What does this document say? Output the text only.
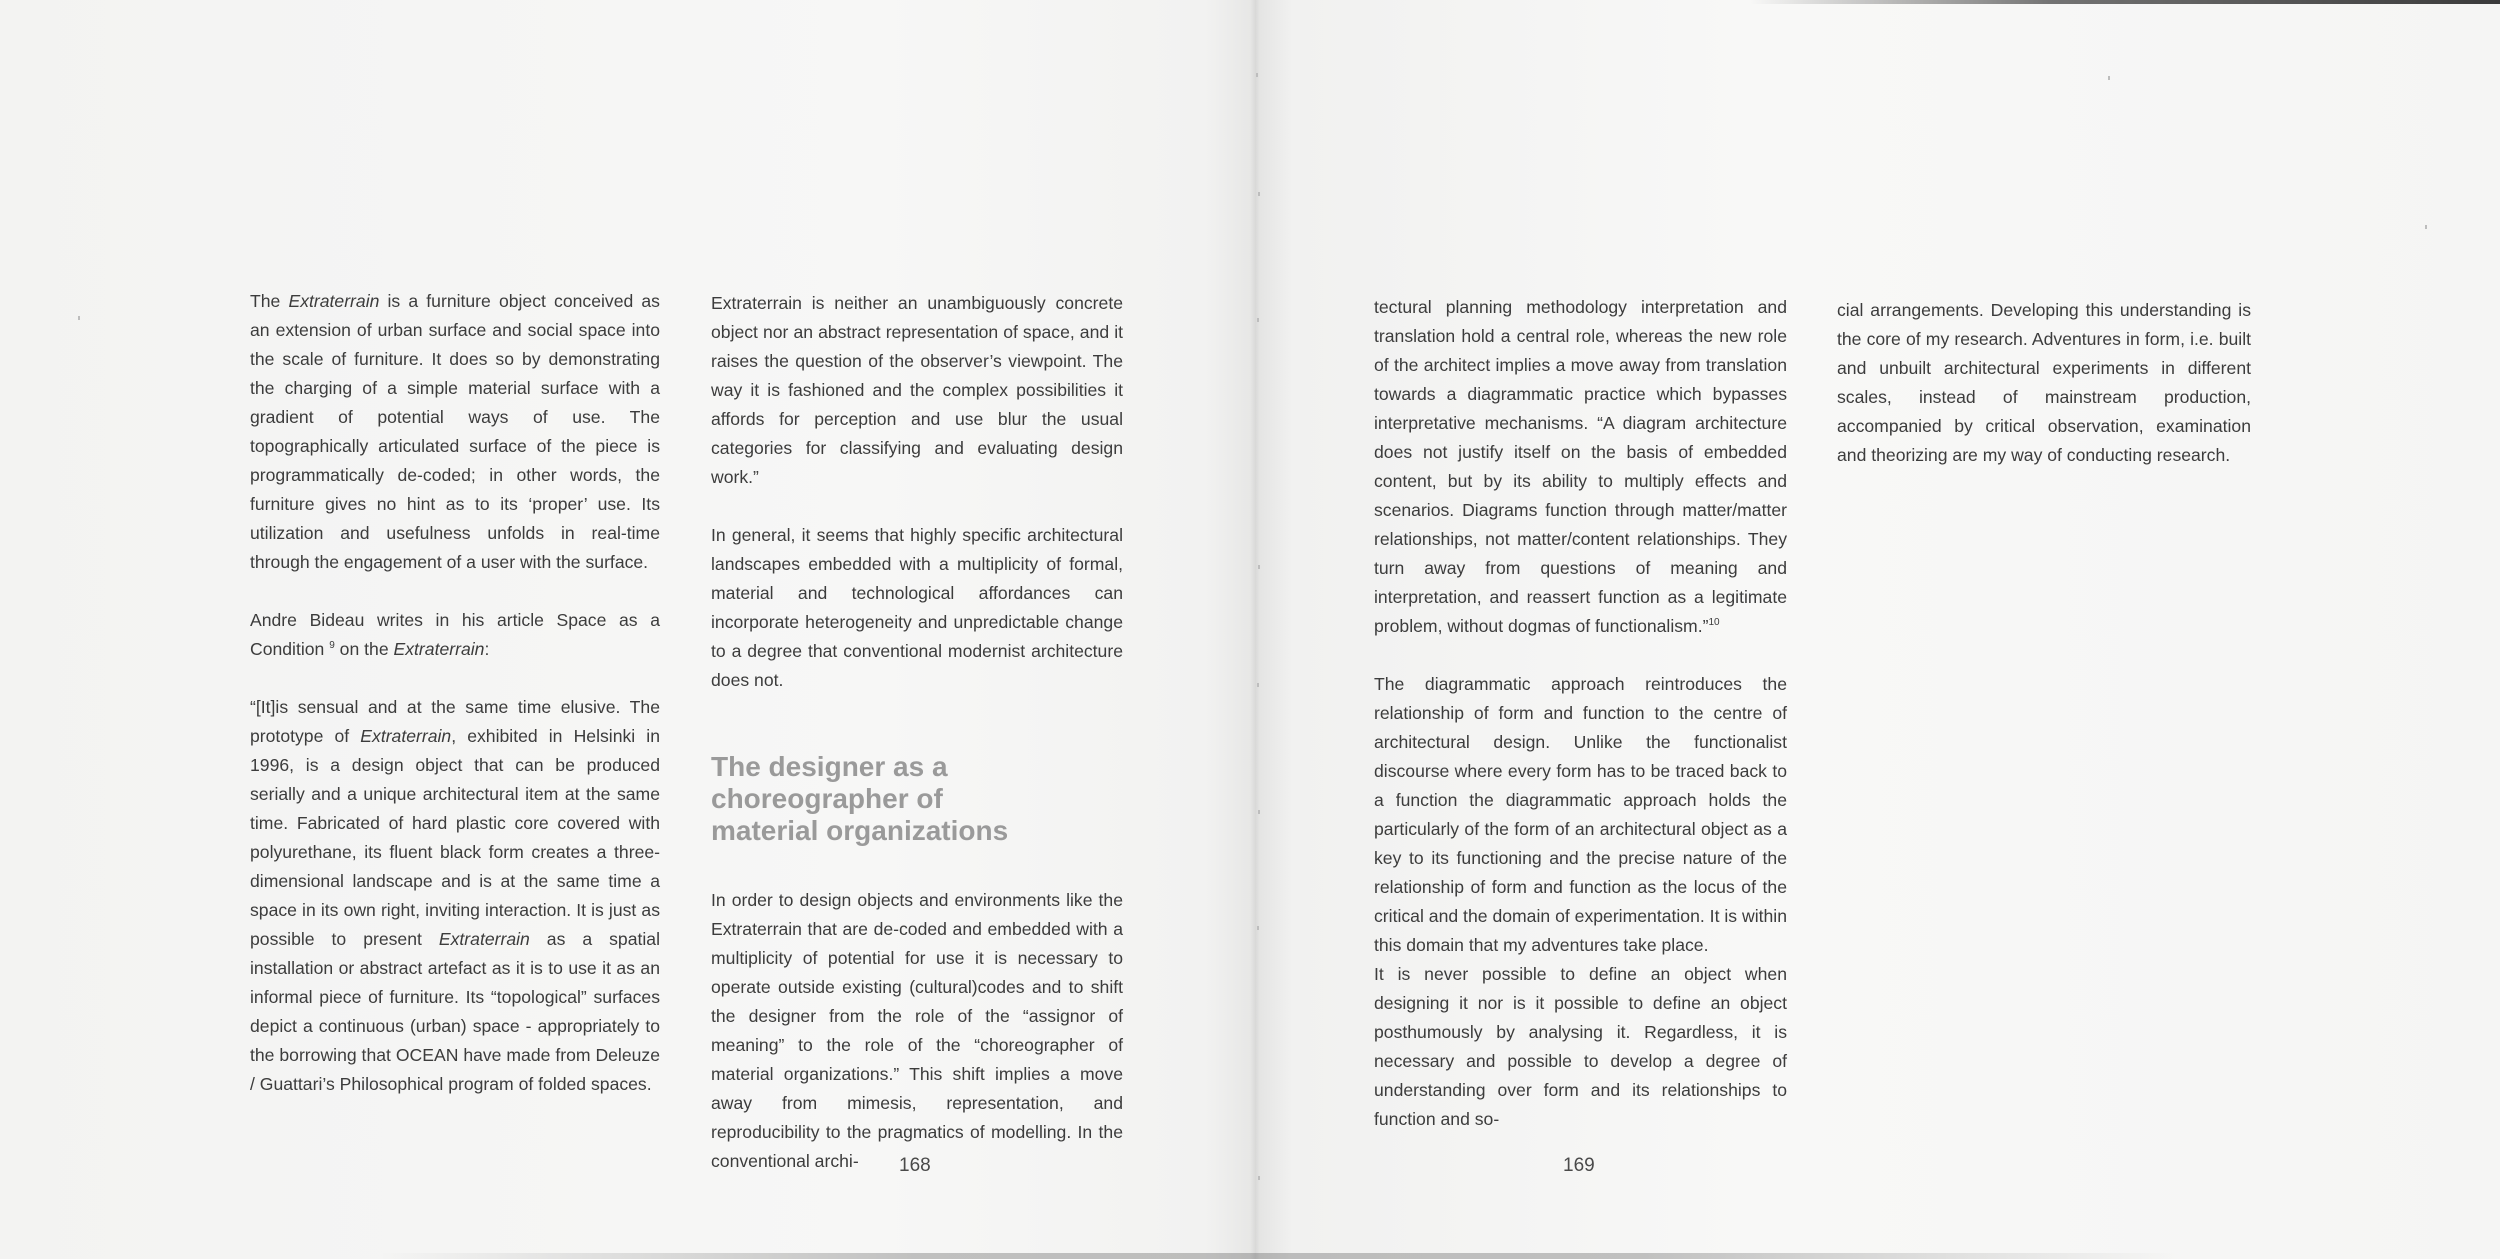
The Extraterrain is a furniture object conceived as an extension of urban surface and social space into the scale of furniture. It does so by demonstrating the charging of a simple material surface with a gradient of potential ways of use. The topographically articulated surface of the piece is programmatically de-coded; in other words, the furniture gives no hint as to its ‘proper’ use. Its utilization and usefulness unfolds in real-time through the engagement of a user with the surface.

Andre Bideau writes in his article Space as a Condition $^9$ on the Extraterrain:

“[It]is sensual and at the same time elusive. The prototype of Extraterrain, exhibited in Helsinki in 1996, is a design object that can be produced serially and a unique architectural item at the same time. Fabricated of hard plastic core covered with polyurethane, its fluent black form creates a three-dimensional landscape and is at the same time a space in its own right, inviting interaction. It is just as possible to present Extraterrain as a spatial installation or abstract artefact as it is to use it as an informal piece of furniture. Its “topological” surfaces depict a continuous (urban) space - appropriately to the borrowing that OCEAN have made from Deleuze / Guattari’s Philosophical program of folded spaces.

Extraterrain is neither an unambiguously concrete object nor an abstract representation of space, and it raises the question of the observer’s viewpoint. The way it is fashioned and the complex possibilities it affords for perception and use blur the usual categories for classifying and evaluating design work.”

In general, it seems that highly specific architectural landscapes embedded with a multiplicity of formal, material and technological affordances can incorporate heterogeneity and unpredictable change to a degree that conventional modernist architecture does not.

The designer as a
choreographer of
material organizations

In order to design objects and environments like the Extraterrain that are de-coded and embedded with a multiplicity of potential for use it is necessary to operate outside existing (cultural)codes and to shift the designer from the role of the “assignor of meaning” to the role of the “choreographer of material organizations.” This shift implies a move away from mimesis, representation, and reproducibility to the pragmatics of modelling. In the conventional archi-	168

tectural planning methodology interpretation and translation hold a central role, whereas the new role of the architect implies a move away from translation towards a diagrammatic practice which bypasses interpretative mechanisms. “A diagram architecture does not justify itself on the basis of embedded content, but by its ability to multiply effects and scenarios. Diagrams function through matter/matter relationships, not matter/content relationships. They turn away from questions of meaning and interpretation, and reassert function as a legitimate problem, without dogmas of functionalism.”$^{10}$

The diagrammatic approach reintroduces the relationship of form and function to the centre of architectural design. Unlike the functionalist discourse where every form has to be traced back to a function the diagrammatic approach holds the particularly of the form of an architectural object as a key to its functioning and the precise nature of the relationship of form and function as the locus of the critical and the domain of experimentation. It is within this domain that my adventures take place.

It is never possible to define an object when designing it nor is it possible to define an object posthumously by analysing it. Regardless, it is necessary and possible to develop a degree of understanding over form and its relationships to function and so-

cial arrangements. Developing this understanding is the core of my research. Adventures in form, i.e. built and unbuilt architectural experiments in different scales, instead of mainstream production, accompanied by critical observation, examination and theorizing are my way of conducting research.

169
